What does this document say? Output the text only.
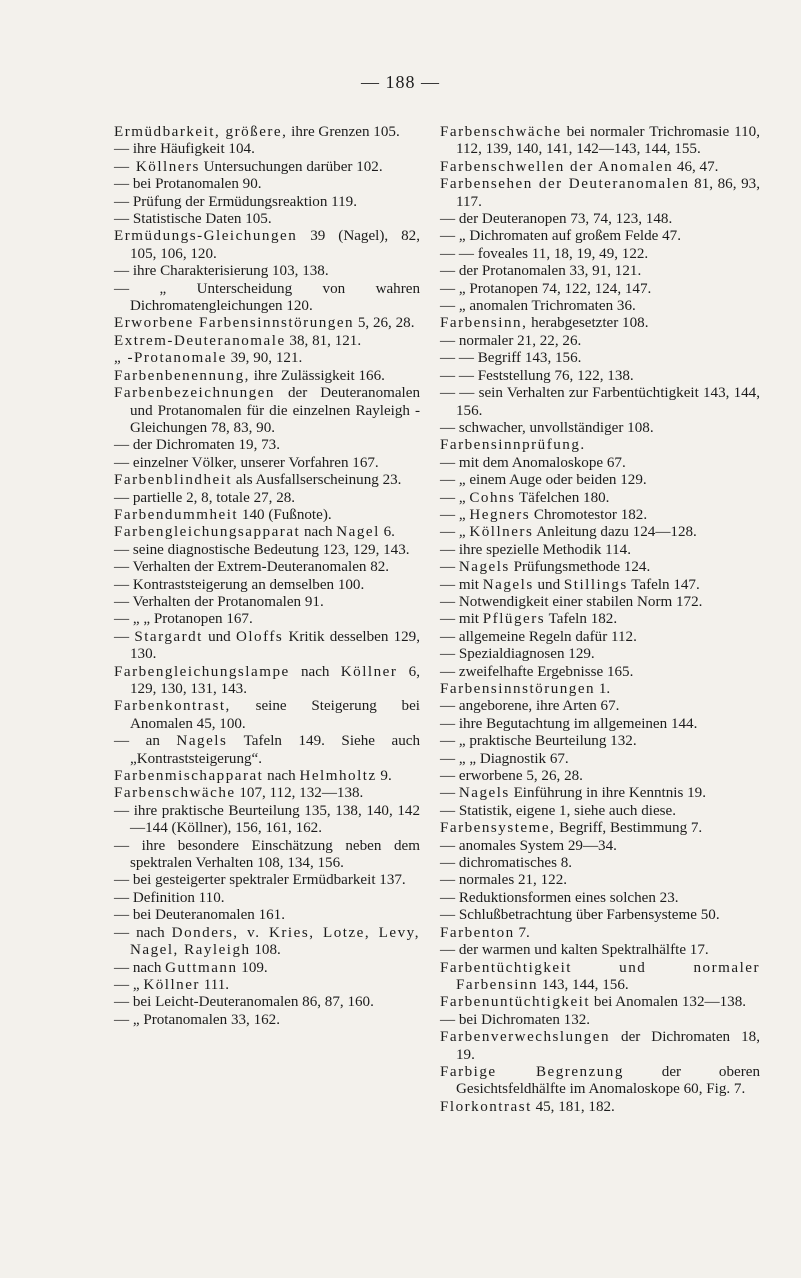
— 188 —
Ermüdbarkeit, größere, ihre Grenzen 105.
— ihre Häufigkeit 104.
— Köllners Untersuchungen darüber 102.
— bei Protanomalen 90.
— Prüfung der Ermüdungsreaktion 119.
— Statistische Daten 105.
Ermüdungs-Gleichungen 39 (Nagel), 82, 105, 106, 120.
— ihre Charakterisierung 103, 138.
— „ Unterscheidung von wahren Dichromatengleichungen 120.
Erworbene Farbensinnstörungen 5, 26, 28.
Extrem-Deuteranomale 38, 81, 121.
„ -Protanomale 39, 90, 121.
Farbenbenennung, ihre Zulässigkeit 166.
Farbenbezeichnungen der Deuteranomalen und Protanomalen für die einzelnen Rayleigh - Gleichungen 78, 83, 90.
— der Dichromaten 19, 73.
— einzelner Völker, unserer Vorfahren 167.
Farbenblindheit als Ausfallserscheinung 23.
— partielle 2, 8, totale 27, 28.
Farbendummheit 140 (Fußnote).
Farbengleichungsapparat nach Nagel 6.
— seine diagnostische Bedeutung 123, 129, 143.
— Verhalten der Extrem-Deuteranomalen 82.
— Kontraststeigerung an demselben 100.
— Verhalten der Protanomalen 91.
— „ „ Protanopen 167.
— Stargardt und Oloffs Kritik desselben 129, 130.
Farbengleichungslampe nach Köllner 6, 129, 130, 131, 143.
Farbenkontrast, seine Steigerung bei Anomalen 45, 100.
— an Nagels Tafeln 149. Siehe auch „Kontraststeigerung“.
Farbenmischapparat nach Helmholtz 9.
Farbenschwäche 107, 112, 132—138.
— ihre praktische Beurteilung 135, 138, 140, 142—144 (Köllner), 156, 161, 162.
— ihre besondere Einschätzung neben dem spektralen Verhalten 108, 134, 156.
— bei gesteigerter spektraler Ermüdbarkeit 137.
— Definition 110.
— bei Deuteranomalen 161.
— nach Donders, v. Kries, Lotze, Levy, Nagel, Rayleigh 108.
— nach Guttmann 109.
— „ Köllner 111.
— bei Leicht-Deuteranomalen 86, 87, 160.
— „ Protanomalen 33, 162.
Farbenschwäche bei normaler Trichromasie 110, 112, 139, 140, 141, 142—143, 144, 155.
Farbenschwellen der Anomalen 46, 47.
Farbensehen der Deuteranomalen 81, 86, 93, 117.
— der Deuteranopen 73, 74, 123, 148.
— „ Dichromaten auf großem Felde 47.
— — foveales 11, 18, 19, 49, 122.
— der Protanomalen 33, 91, 121.
— „ Protanopen 74, 122, 124, 147.
— „ anomalen Trichromaten 36.
Farbensinn, herabgesetzter 108.
— normaler 21, 22, 26.
— — Begriff 143, 156.
— — Feststellung 76, 122, 138.
— — sein Verhalten zur Farbentüchtigkeit 143, 144, 156.
— schwacher, unvollständiger 108.
Farbensinnprüfung.
— mit dem Anomaloskope 67.
— „ einem Auge oder beiden 129.
— „ Cohns Täfelchen 180.
— „ Hegners Chromotestor 182.
— „ Köllners Anleitung dazu 124—128.
— ihre spezielle Methodik 114.
— Nagels Prüfungsmethode 124.
— mit Nagels und Stillings Tafeln 147.
— Notwendigkeit einer stabilen Norm 172.
— mit Pflügers Tafeln 182.
— allgemeine Regeln dafür 112.
— Spezialdiagnosen 129.
— zweifelhafte Ergebnisse 165.
Farbensinnstörungen 1.
— angeborene, ihre Arten 67.
— ihre Begutachtung im allgemeinen 144.
— „ praktische Beurteilung 132.
— „ „ Diagnostik 67.
— erworbene 5, 26, 28.
— Nagels Einführung in ihre Kenntnis 19.
— Statistik, eigene 1, siehe auch diese.
Farbensysteme, Begriff, Bestimmung 7.
— anomales System 29—34.
— dichromatisches 8.
— normales 21, 122.
— Reduktionsformen eines solchen 23.
— Schlußbetrachtung über Farbensysteme 50.
Farbenton 7.
— der warmen und kalten Spektralhälfte 17.
Farbentüchtigkeit und normaler Farbensinn 143, 144, 156.
Farbenuntüchtigkeit bei Anomalen 132—138.
— bei Dichromaten 132.
Farbenverwechslungen der Dichromaten 18, 19.
Farbige Begrenzung der oberen Gesichtsfeldhälfte im Anomaloskope 60, Fig. 7.
Florkontrast 45, 181, 182.
